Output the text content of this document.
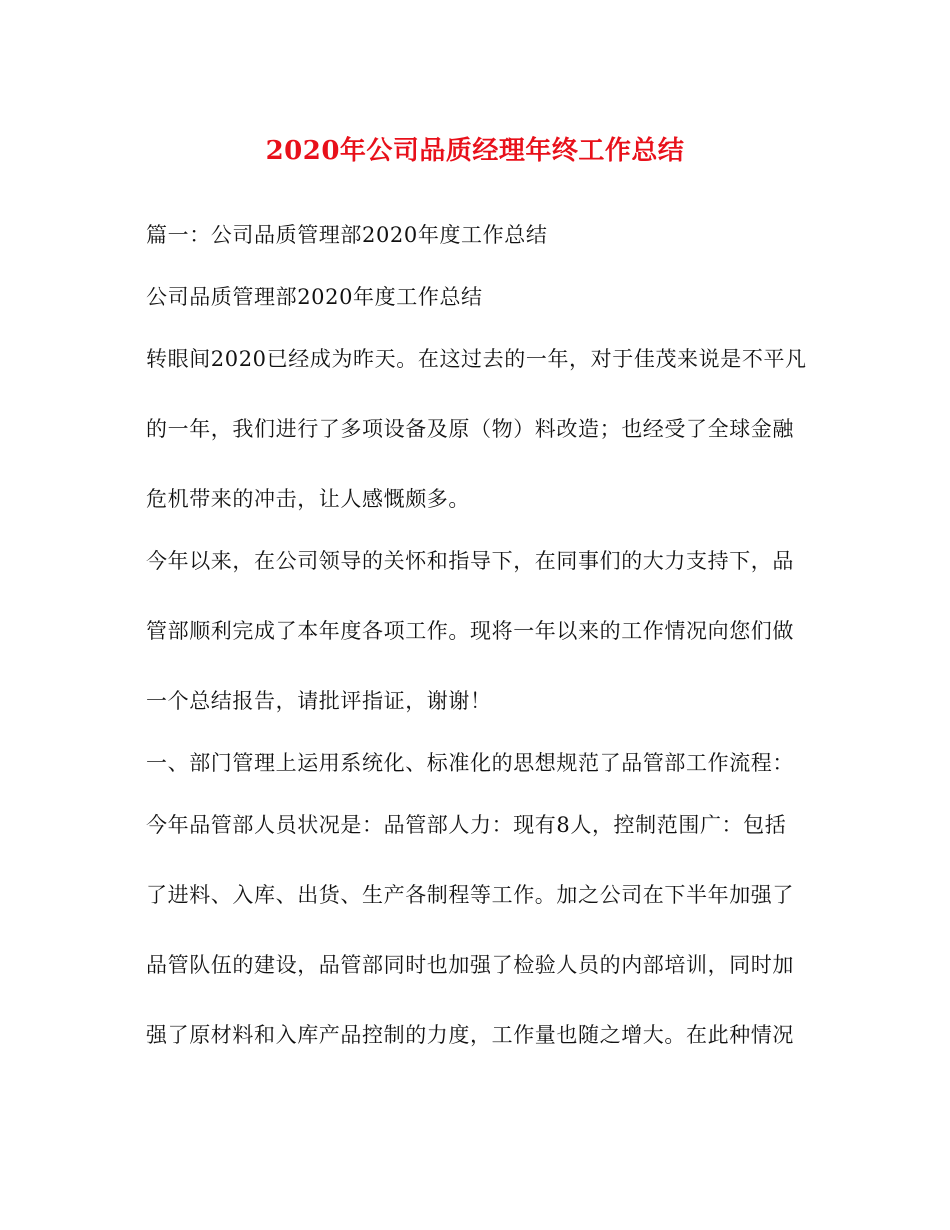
2020年公司品质经理年终工作总结
篇一：公司品质管理部2020年度工作总结
公司品质管理部2020年度工作总结
转眼间2020已经成为昨天。在这过去的一年，对于佳茂来说是不平凡
的一年，我们进行了多项设备及原（物）料改造；也经受了全球金融
危机带来的冲击，让人感慨颇多。
今年以来，在公司领导的关怀和指导下，在同事们的大力支持下，品
管部顺利完成了本年度各项工作。现将一年以来的工作情况向您们做
一个总结报告，请批评指证，谢谢！
一、部门管理上运用系统化、标准化的思想规范了品管部工作流程：
今年品管部人员状况是：品管部人力：现有8人，控制范围广：包括
了进料、入库、出货、生产各制程等工作。加之公司在下半年加强了
品管队伍的建设，品管部同时也加强了检验人员的内部培训，同时加
强了原材料和入库产品控制的力度，工作量也随之增大。在此种情况
